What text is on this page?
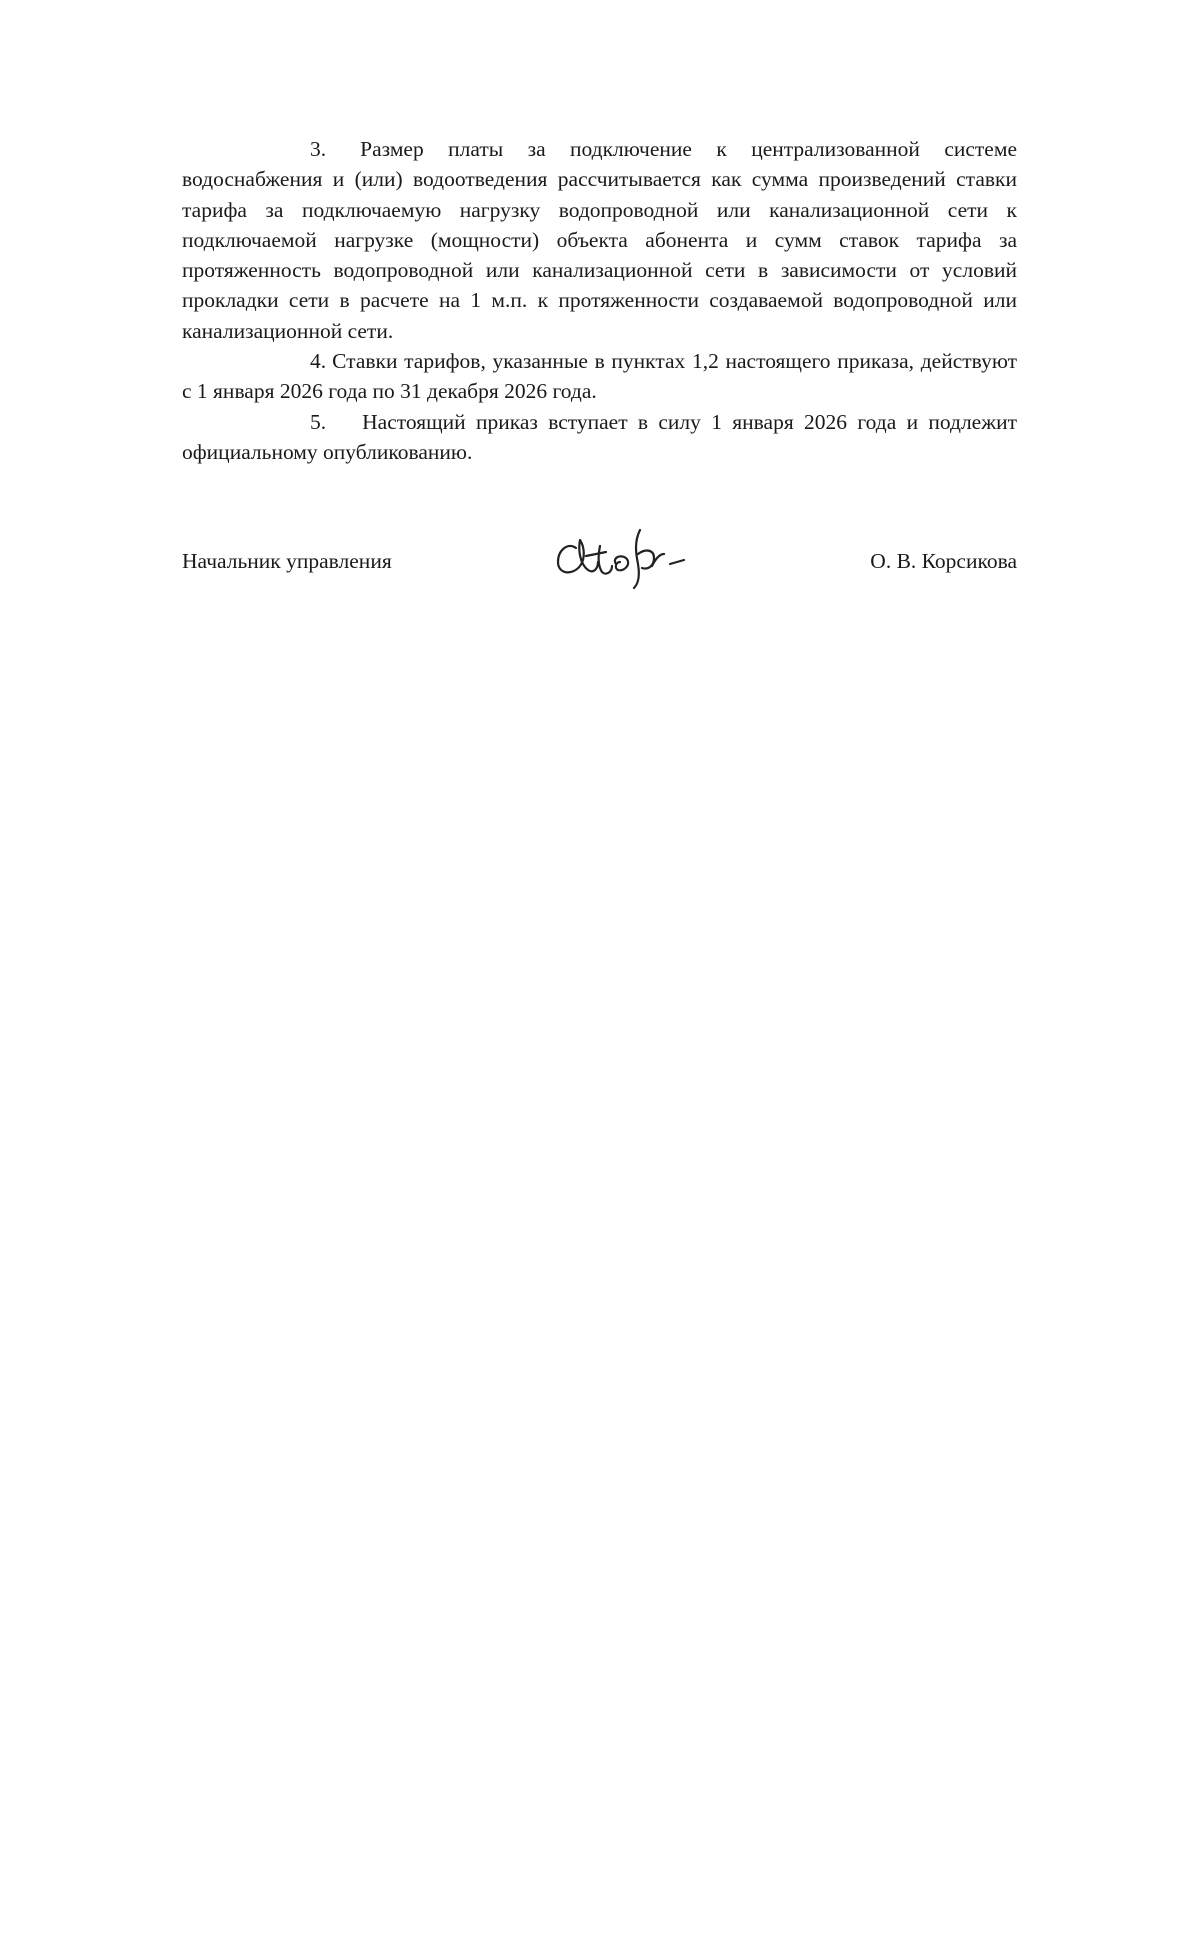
3. Размер платы за подключение к централизованной системе водоснабжения и (или) водоотведения рассчитывается как сумма произведений ставки тарифа за подключаемую нагрузку водопроводной или канализационной сети к подключаемой нагрузке (мощности) объекта абонента и сумм ставок тарифа за протяженность водопроводной или канализационной сети в зависимости от условий прокладки сети в расчете на 1 м.п. к протяженности создаваемой водопроводной или канализационной сети.

4. Ставки тарифов, указанные в пунктах 1,2 настоящего приказа, действуют с 1 января 2026 года по 31 декабря 2026 года.

5. Настоящий приказ вступает в силу 1 января 2026 года и подлежит официальному опубликованию.

Начальник управления	О. В. Корсикова
